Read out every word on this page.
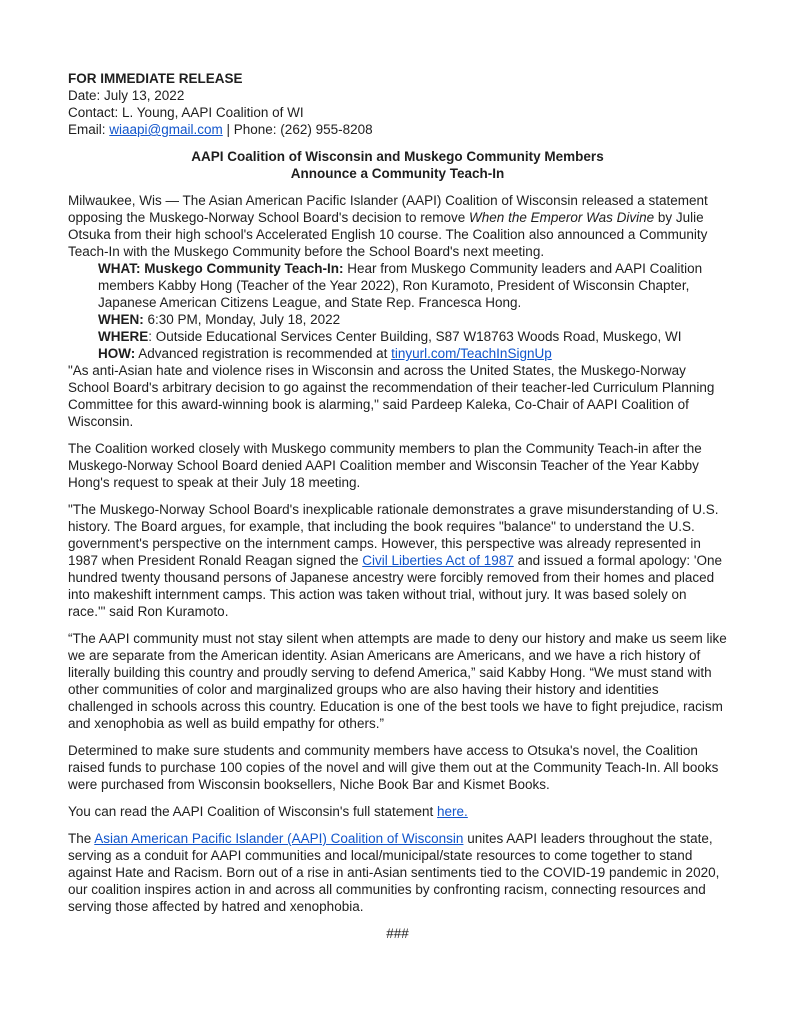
FOR IMMEDIATE RELEASE
Date: July 13, 2022
Contact: L. Young, AAPI Coalition of WI
Email: wiaapi@gmail.com | Phone: (262) 955-8208
AAPI Coalition of Wisconsin and Muskego Community Members
Announce a Community Teach-In
Milwaukee, Wis — The Asian American Pacific Islander (AAPI) Coalition of Wisconsin released a statement opposing the Muskego-Norway School Board's decision to remove When the Emperor Was Divine by Julie Otsuka from their high school's Accelerated English 10 course. The Coalition also announced a Community Teach-In with the Muskego Community before the School Board's next meeting.
WHAT: Muskego Community Teach-In: Hear from Muskego Community leaders and AAPI Coalition members Kabby Hong (Teacher of the Year 2022), Ron Kuramoto, President of Wisconsin Chapter, Japanese American Citizens League, and State Rep. Francesca Hong.
WHEN: 6:30 PM, Monday, July 18, 2022
WHERE: Outside Educational Services Center Building, S87 W18763 Woods Road, Muskego, WI
HOW: Advanced registration is recommended at tinyurl.com/TeachInSignUp
"As anti-Asian hate and violence rises in Wisconsin and across the United States, the Muskego-Norway School Board's arbitrary decision to go against the recommendation of their teacher-led Curriculum Planning Committee for this award-winning book is alarming," said Pardeep Kaleka, Co-Chair of AAPI Coalition of Wisconsin.
The Coalition worked closely with Muskego community members to plan the Community Teach-in after the Muskego-Norway School Board denied AAPI Coalition member and Wisconsin Teacher of the Year Kabby Hong's request to speak at their July 18 meeting.
"The Muskego-Norway School Board's inexplicable rationale demonstrates a grave misunderstanding of U.S. history. The Board argues, for example, that including the book requires "balance" to understand the U.S. government's perspective on the internment camps. However, this perspective was already represented in 1987 when President Ronald Reagan signed the Civil Liberties Act of 1987 and issued a formal apology: 'One hundred twenty thousand persons of Japanese ancestry were forcibly removed from their homes and placed into makeshift internment camps. This action was taken without trial, without jury. It was based solely on race.'" said Ron Kuramoto.
“The AAPI community must not stay silent when attempts are made to deny our history and make us seem like we are separate from the American identity. Asian Americans are Americans, and we have a rich history of literally building this country and proudly serving to defend America,” said Kabby Hong. “We must stand with other communities of color and marginalized groups who are also having their history and identities challenged in schools across this country. Education is one of the best tools we have to fight prejudice, racism and xenophobia as well as build empathy for others.”
Determined to make sure students and community members have access to Otsuka's novel, the Coalition raised funds to purchase 100 copies of the novel and will give them out at the Community Teach-In. All books were purchased from Wisconsin booksellers, Niche Book Bar and Kismet Books.
You can read the AAPI Coalition of Wisconsin's full statement here.
The Asian American Pacific Islander (AAPI) Coalition of Wisconsin unites AAPI leaders throughout the state, serving as a conduit for AAPI communities and local/municipal/state resources to come together to stand against Hate and Racism. Born out of a rise in anti-Asian sentiments tied to the COVID-19 pandemic in 2020, our coalition inspires action in and across all communities by confronting racism, connecting resources and serving those affected by hatred and xenophobia.
###
